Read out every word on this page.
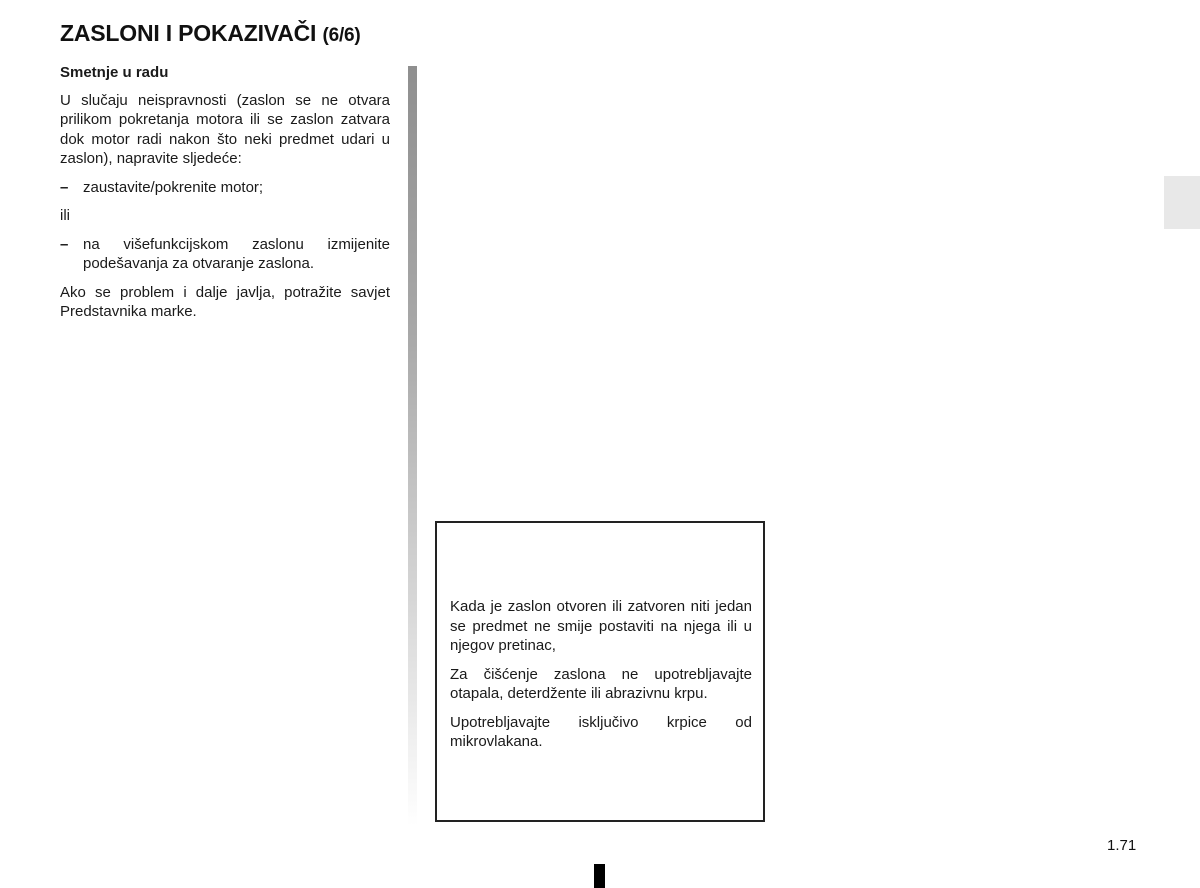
ZASLONI I POKAZIVAČI (6/6)

Smetnje u radu

U slučaju neispravnosti (zaslon se ne otvara prilikom pokretanja motora ili se zaslon zatvara dok motor radi nakon što neki predmet udari u zaslon), napravite sljedeće:

– zaustavite/pokrenite motor;

ili

– na višefunkcijskom zaslonu izmijenite podešavanja za otvaranje zaslona.

Ako se problem i dalje javlja, potražite savjet Predstavnika marke.

Kada je zaslon otvoren ili zatvoren niti jedan se predmet ne smije postaviti na njega ili u njegov pretinac,

Za čišćenje zaslona ne upotrebljavajte otapala, deterdžente ili abrazivnu krpu.

Upotrebljavajte isključivo krpice od mikrovlakana.

1.71
